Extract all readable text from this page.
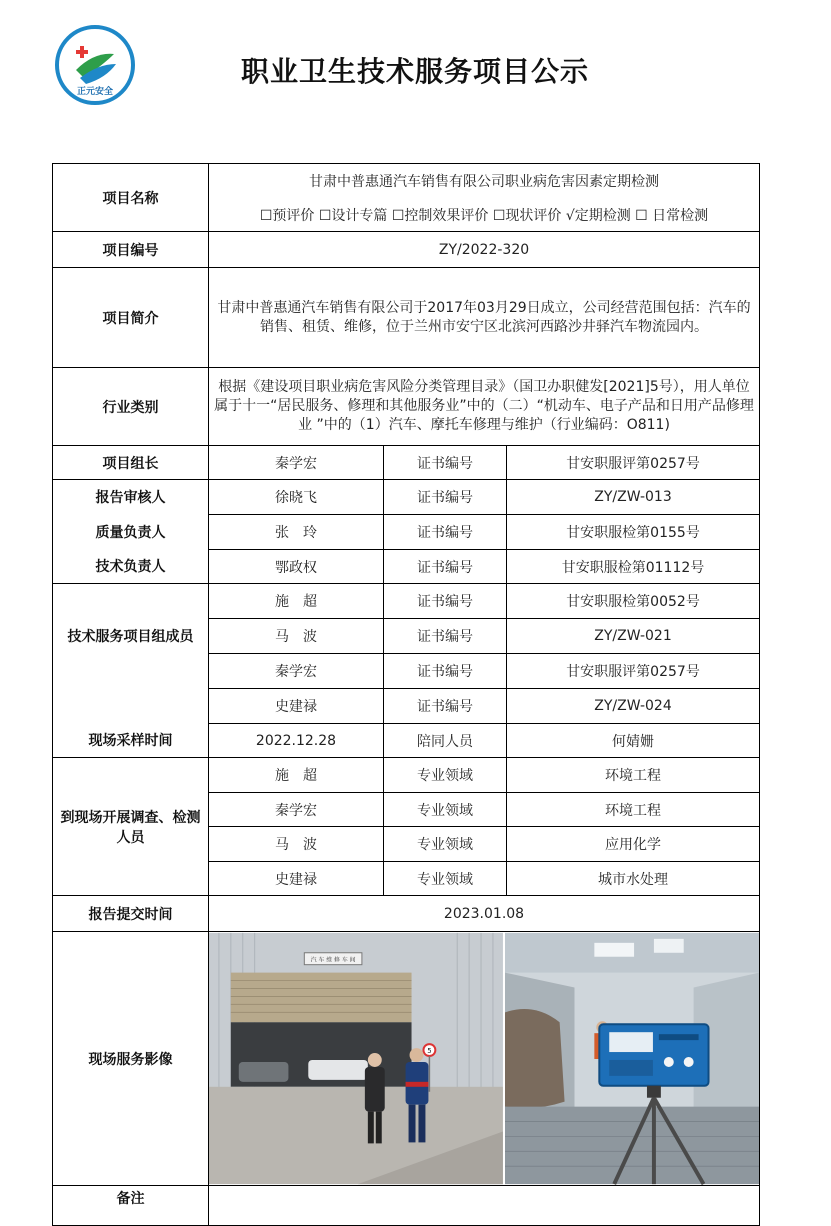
正元安全
职业卫生技术服务项目公示
项目名称	甘肃中普惠通汽车销售有限公司职业病危害因素定期检测
☐预评价 ☐设计专篇 ☐控制效果评价 ☐现状评价 √定期检测 ☐ 日常检测		

项目编号	ZY/2022-320		
项目简介	甘肃中普惠通汽车销售有限公司于2017年03月29日成立，公司经营范围包括：汽车的销售、租赁、维修，位于兰州市安宁区北滨河西路沙井驿汽车物流园内。		
行业类别	根据《建设项目职业病危害风险分类管理目录》（国卫办职健发[2021]5号），用人单位属于十一“居民服务、修理和其他服务业”中的（二）“机动车、电子产品和日用产品修理业 ”中的（1）汽车、摩托车修理与维护（行业编码：O811)		
项目组长	秦学宏	证书编号	甘安职服评第0257号
报告审核人	徐晓飞	证书编号	ZY/ZW-013
质量负责人	张　玲	证书编号	甘安职服检第0155号
技术负责人	鄂政权	证书编号	甘安职服检第01112号
技术服务项目组成员	施　超	证书编号	甘安职服检第0052号
	马　波	证书编号	ZY/ZW-021
	秦学宏	证书编号	甘安职服评第0257号
	史建禄	证书编号	ZY/ZW-024
现场采样时间	2022.12.28	陪同人员	何婧姗
到现场开展调查、检测人员	施　超	专业领域	环境工程
	秦学宏	专业领域	环境工程
	马　波	专业领域	应用化学
	史建禄	专业领域	城市水处理
报告提交时间	2023.01.08		
现场服务影像	汽 车 维 修 车 间
5		

备注			
